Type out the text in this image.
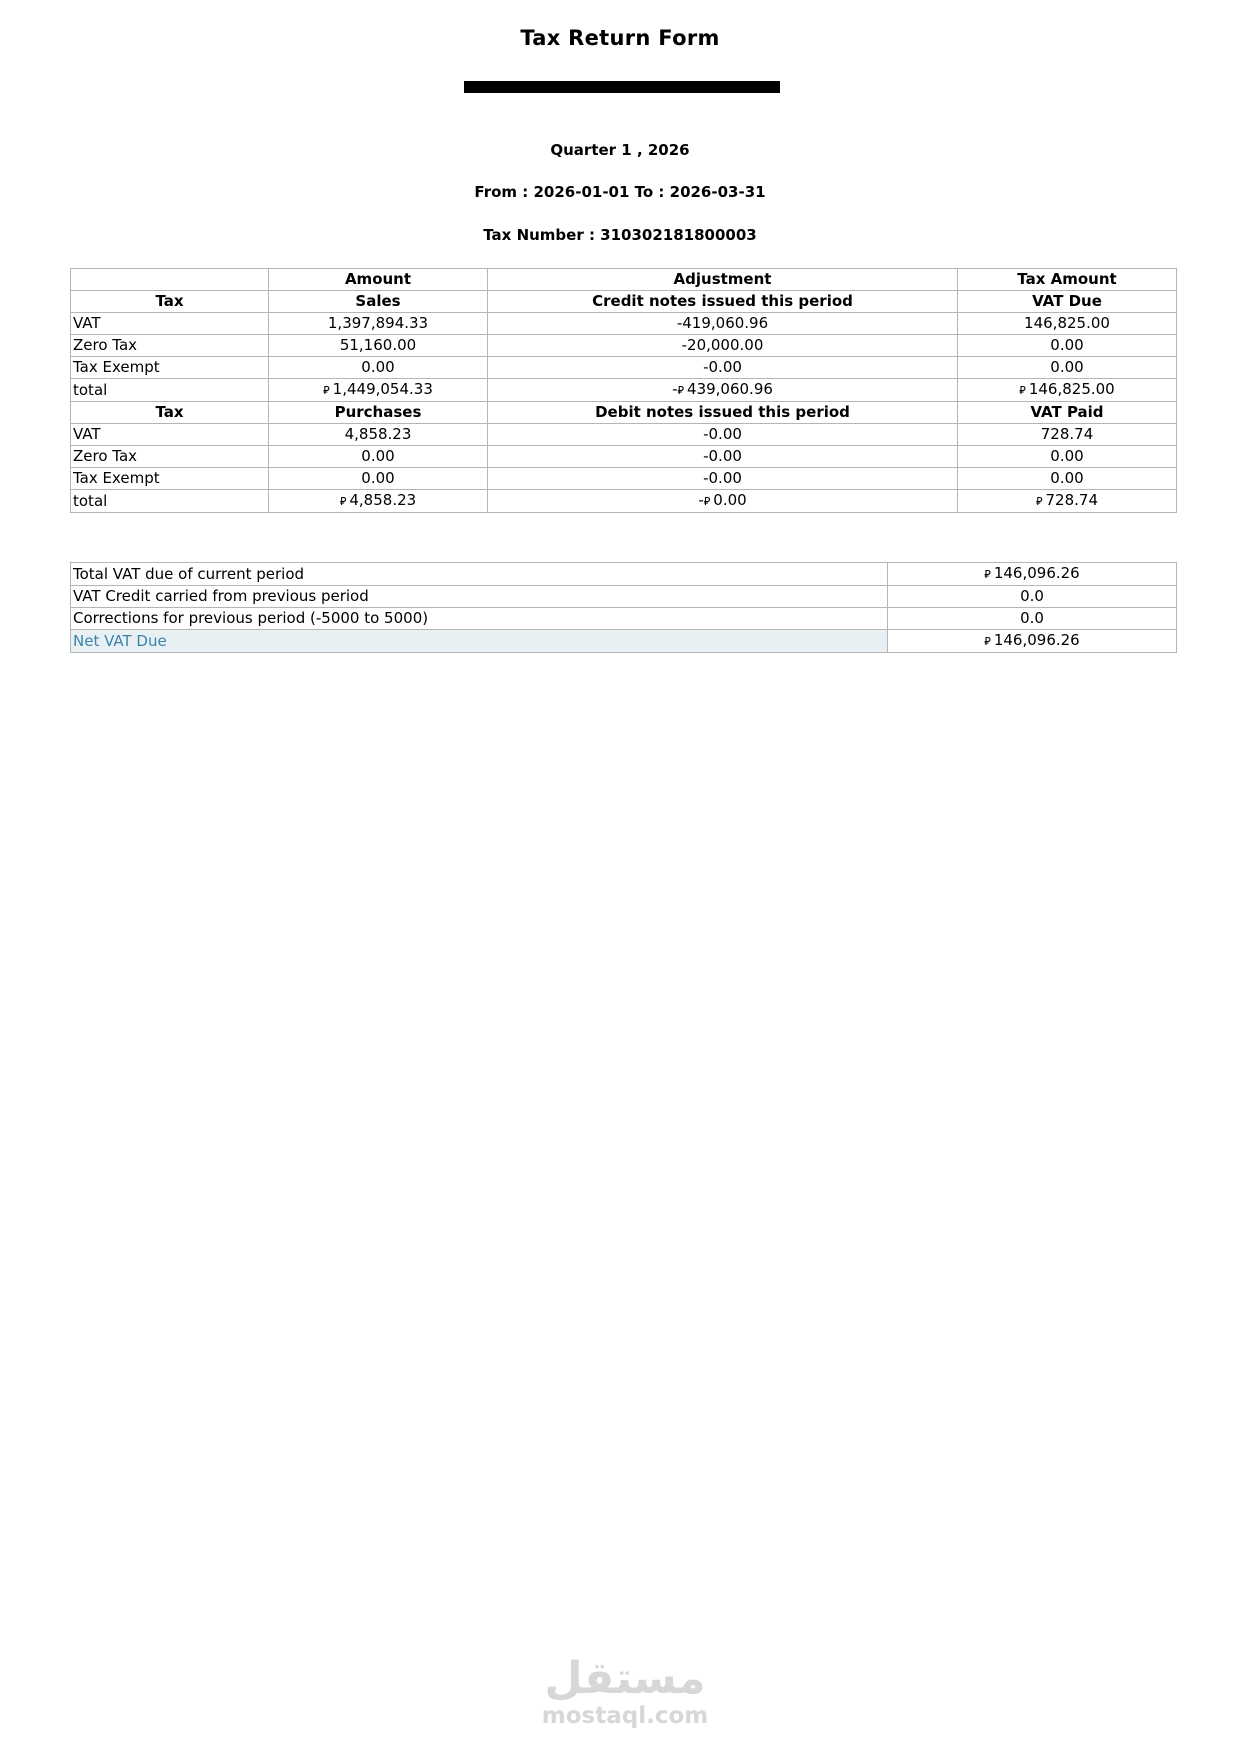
Tax Return Form
Shahbzak studio - شركة نجوم المناسبات للدعاية والإعلان
Quarter 1 , 2026
From : 2026-01-01 To : 2026-03-31
Tax Number : 310302181800003
	Amount	Adjustment	Tax Amount
Tax	Sales	Credit notes issued this period	VAT Due
VAT	1,397,894.33	-419,060.96	146,825.00
Zero Tax	51,160.00	-20,000.00	0.00
Tax Exempt	0.00	-0.00	0.00
total	⃁ 1,449,054.33	-⃁ 439,060.96	⃁ 146,825.00
Tax	Purchases	Debit notes issued this period	VAT Paid
VAT	4,858.23	-0.00	728.74
Zero Tax	0.00	-0.00	0.00
Tax Exempt	0.00	-0.00	0.00
total	⃁ 4,858.23	-⃁ 0.00	⃁ 728.74
Total VAT due of current period	⃁ 146,096.26
VAT Credit carried from previous period	0.0
Corrections for previous period (-5000 to 5000)	0.0
Net VAT Due	⃁ 146,096.26
مستقل
mostaql.com
